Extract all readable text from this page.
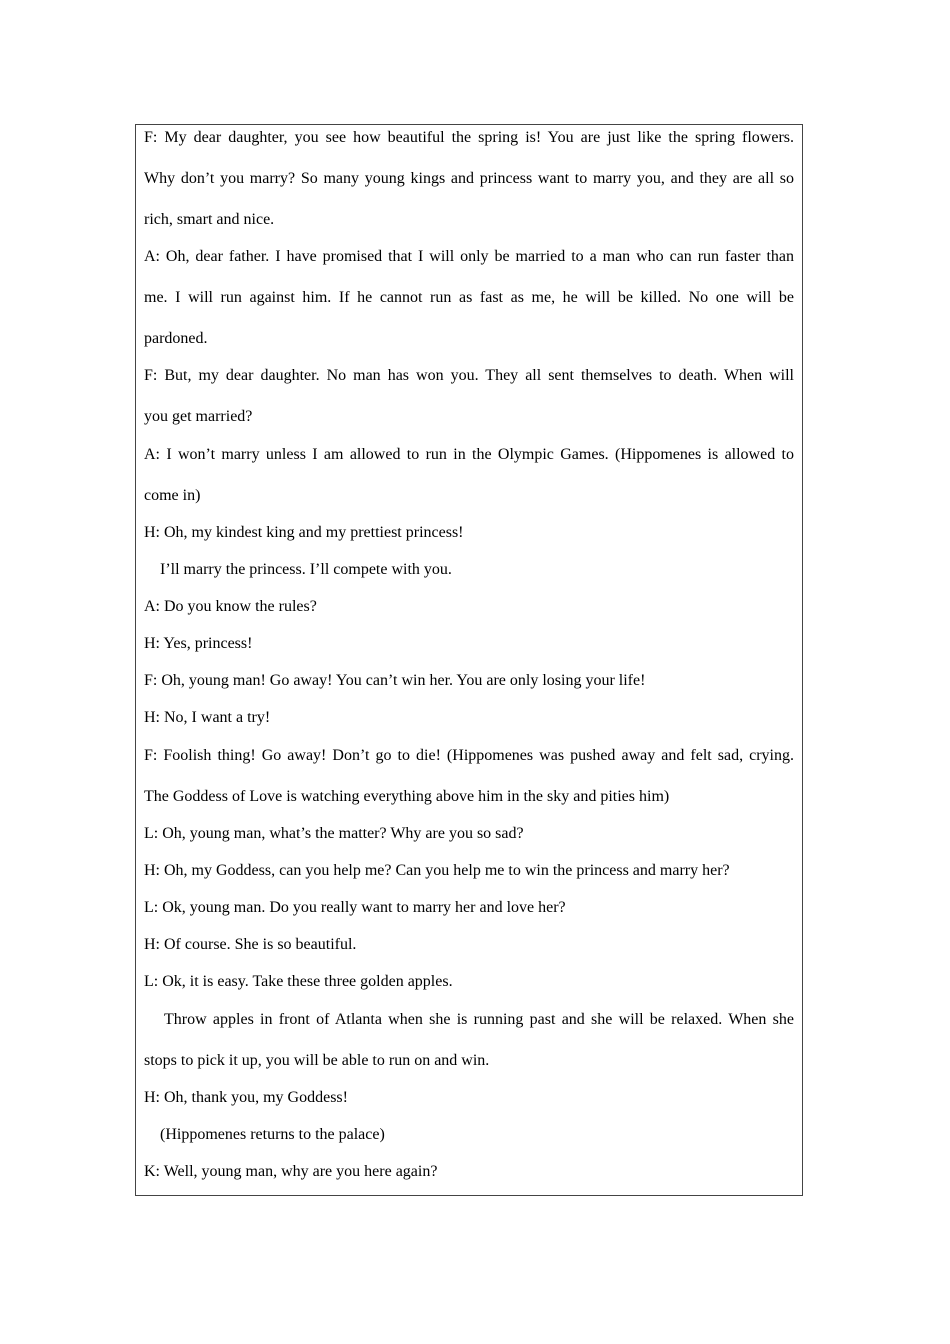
F: My dear daughter, you see how beautiful the spring is! You are just like the spring flowers.
Why don’t you marry? So many young kings and princess want to marry you, and they are all so
rich, smart and nice.
A: Oh, dear father. I have promised that I will only be married to a man who can run faster than
me. I will run against him. If he cannot run as fast as me, he will be killed. No one will be
pardoned.
F: But, my dear daughter. No man has won you. They all sent themselves to death. When will
you get married?
A: I won’t marry unless I am allowed to run in the Olympic Games. (Hippomenes is allowed to
come in)
H: Oh, my kindest king and my prettiest princess!
I’ll marry the princess. I’ll compete with you.
A: Do you know the rules?
H: Yes, princess!
F: Oh, young man! Go away! You can’t win her. You are only losing your life!
H: No, I want a try!
F: Foolish thing! Go away! Don’t go to die! (Hippomenes was pushed away and felt sad, crying.
The Goddess of Love is watching everything above him in the sky and pities him)
L: Oh, young man, what’s the matter? Why are you so sad?
H: Oh, my Goddess, can you help me? Can you help me to win the princess and marry her?
L: Ok, young man. Do you really want to marry her and love her?
H: Of course. She is so beautiful.
L: Ok, it is easy. Take these three golden apples.
Throw apples in front of Atlanta when she is running past and she will be relaxed. When she
stops to pick it up, you will be able to run on and win.
H: Oh, thank you, my Goddess!
(Hippomenes returns to the palace)
K: Well, young man, why are you here again?
